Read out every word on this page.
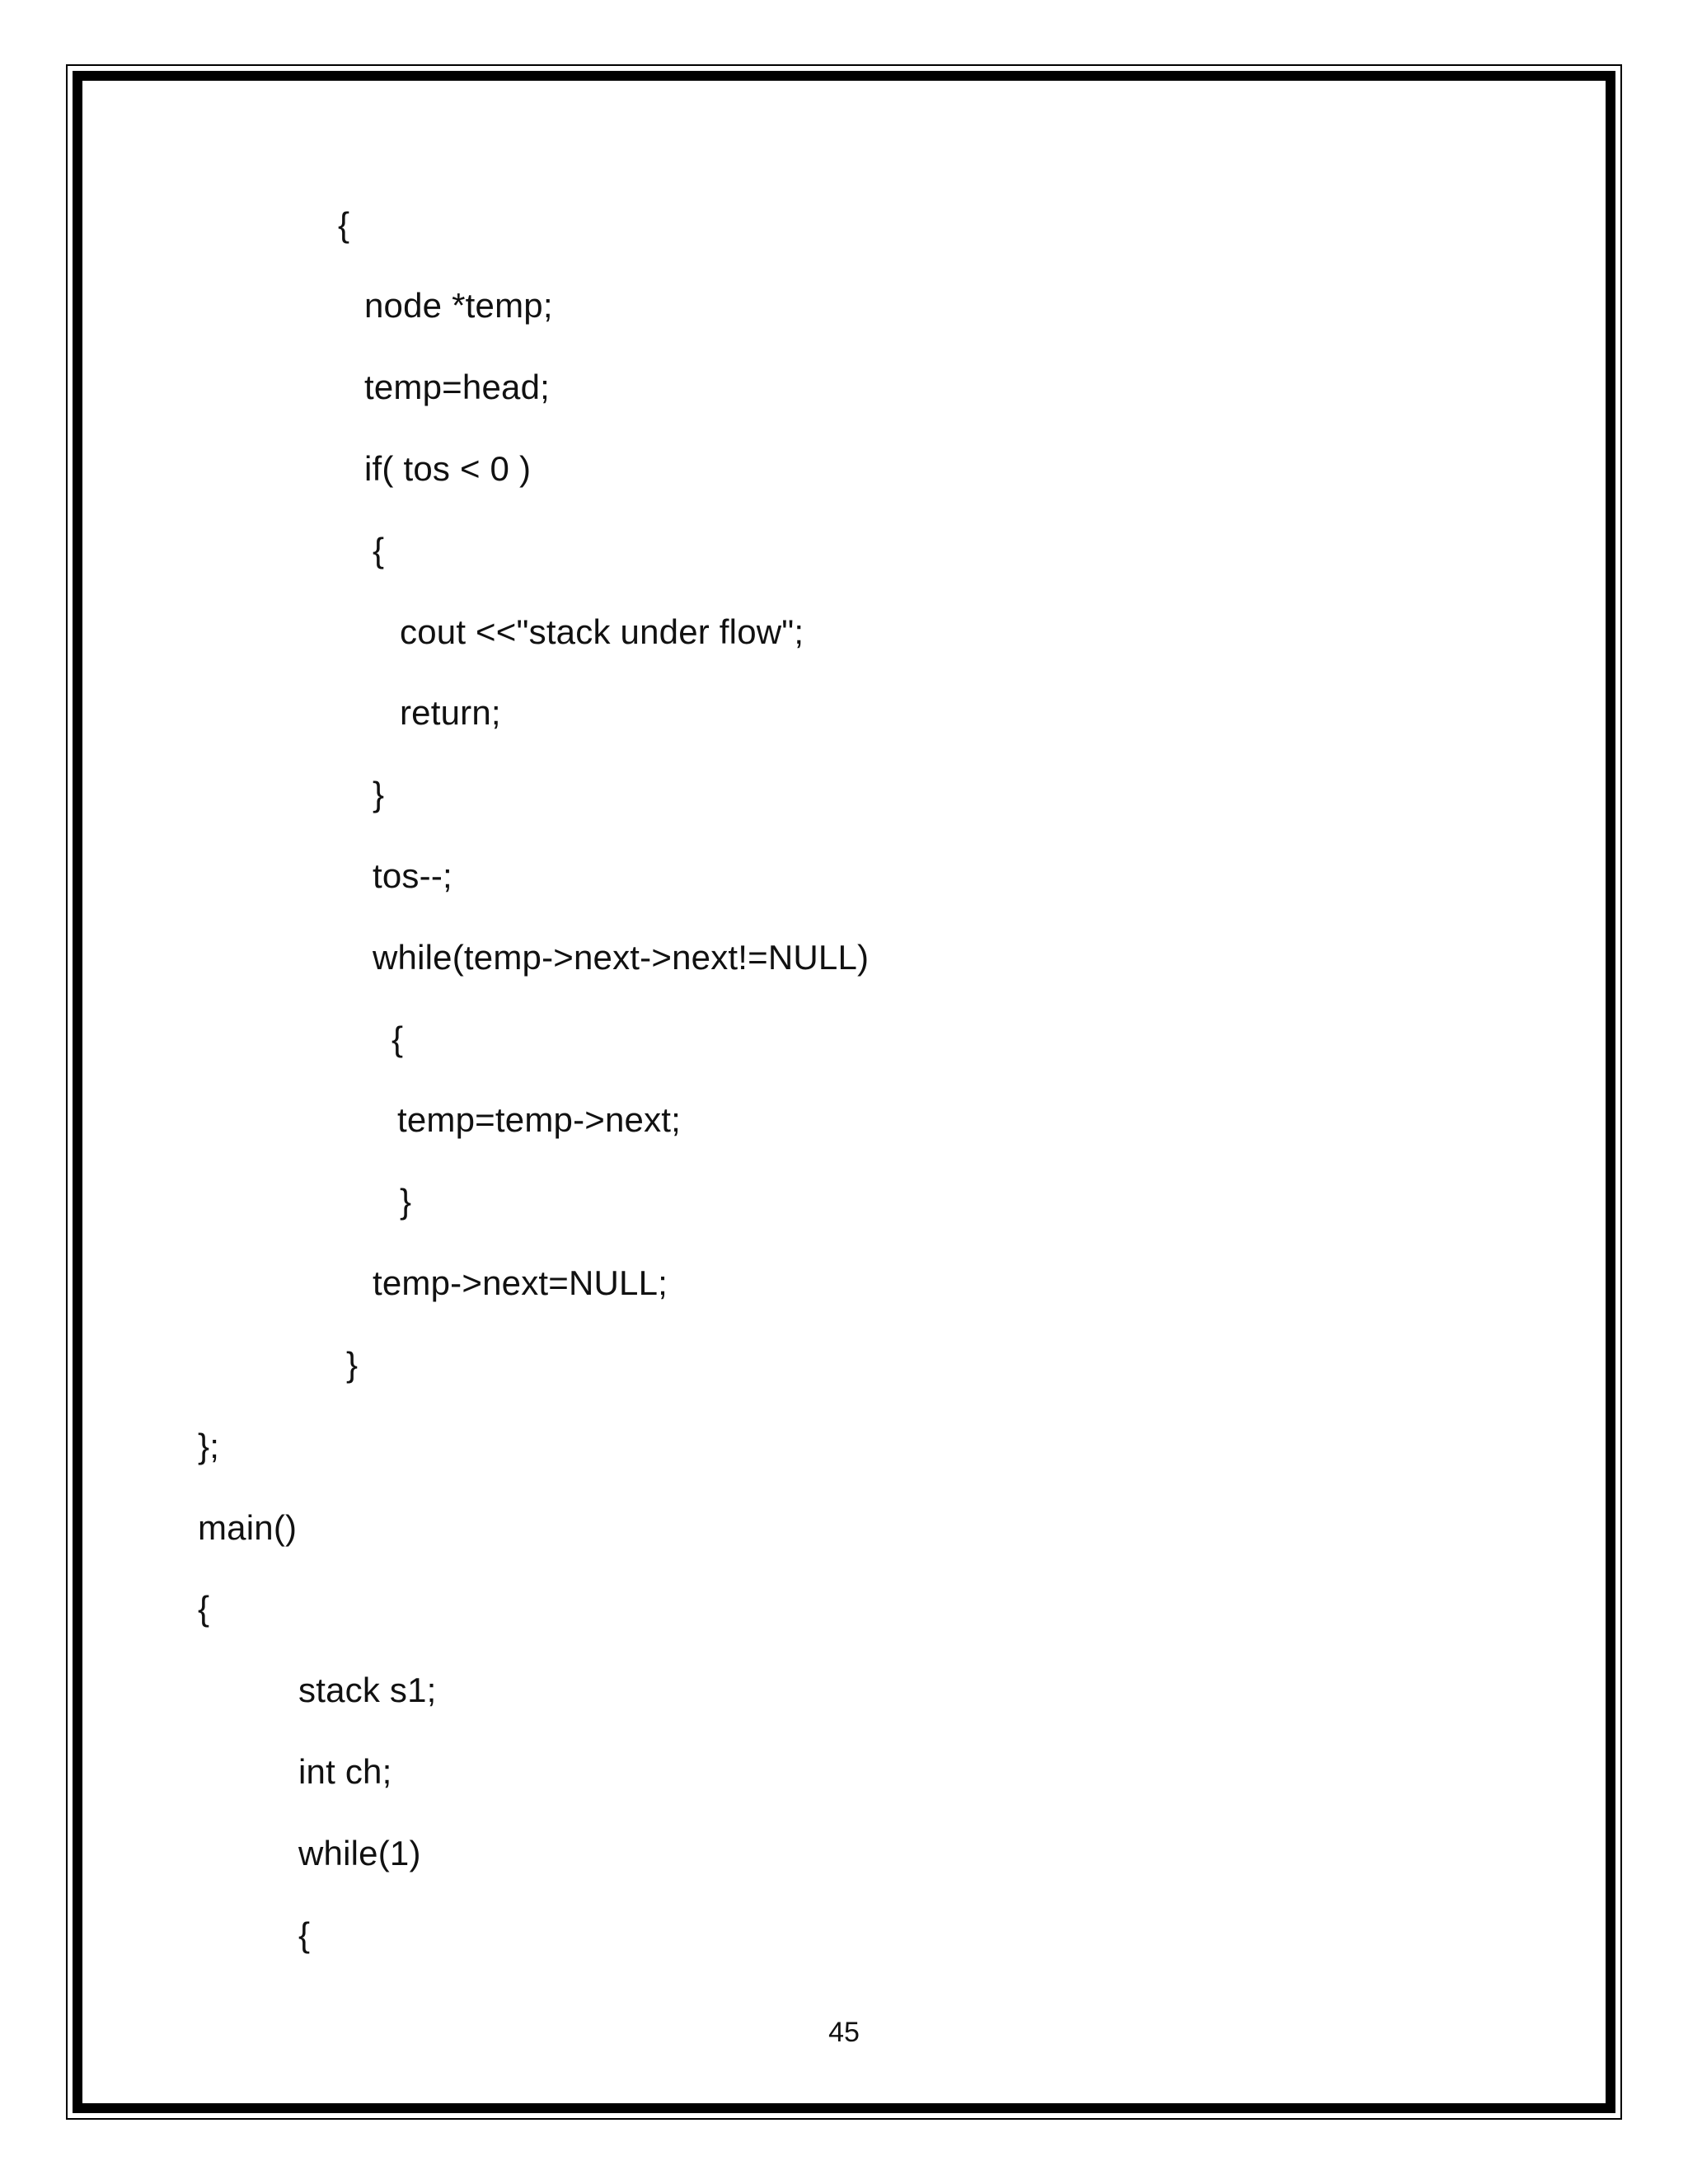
{
node *temp;
temp=head;
if( tos < 0 )
{
cout <<"stack under flow";
return;
}
tos--;
while(temp->next->next!=NULL)
{
temp=temp->next;
}
temp->next=NULL;
}
};
main()
{
stack s1;
int ch;
while(1)
{
45
